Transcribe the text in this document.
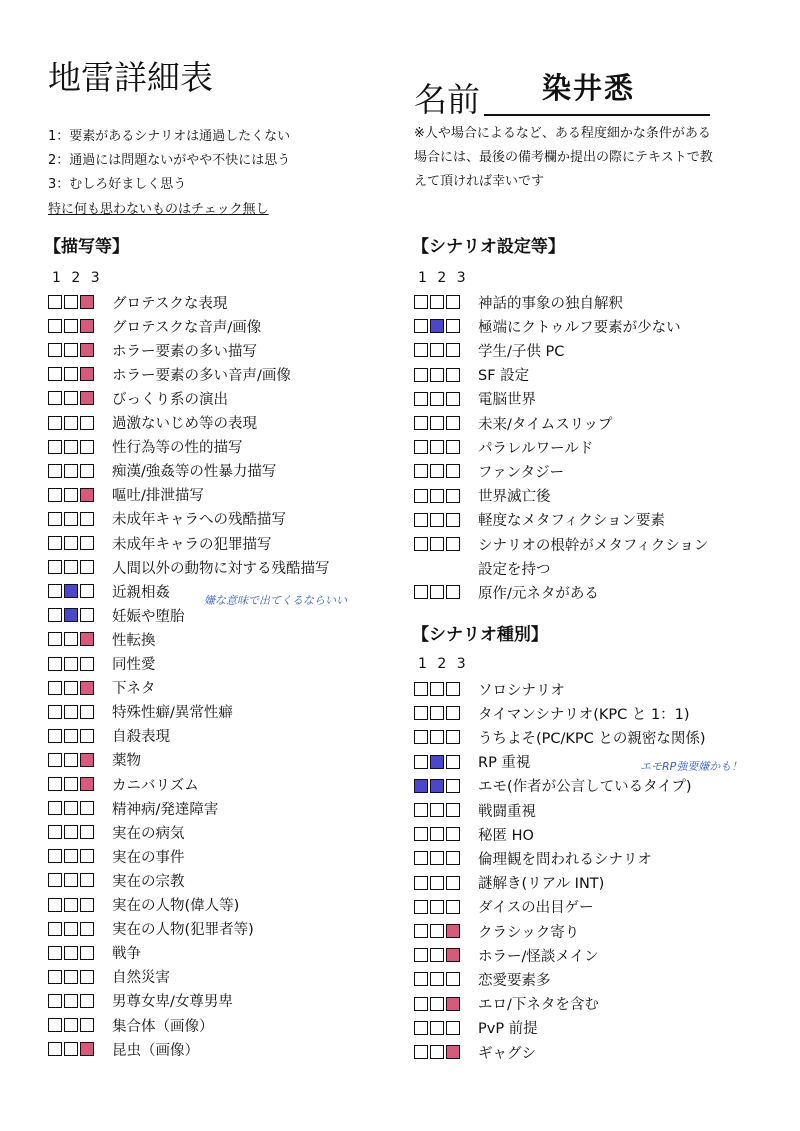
地雷詳細表
名前 染井悉
1：要素があるシナリオは通過したくない
2：通過には問題ないがやや不快には思う
3：むしろ好ましく思う
特に何も思わないものはチェック無し
※人や場合によるなど、ある程度細かな条件がある
場合には、最後の備考欄か提出の際にテキストで教
えて頂ければ幸いです
【描写等】
1 2 3
【シナリオ設定等】
1 2 3
【シナリオ種別】
1 2 3
設定を持つ
嫌な意味で出てくるならいい
エモRP強要嫌かも！
グロテスクな表現
グロテスクな音声/画像
ホラー要素の多い描写
ホラー要素の多い音声/画像
びっくり系の演出
過激ないじめ等の表現
性行為等の性的描写
痴漢/強姦等の性暴力描写
嘔吐/排泄描写
未成年キャラへの残酷描写
未成年キャラの犯罪描写
人間以外の動物に対する残酷描写
近親相姦
妊娠や堕胎
性転換
同性愛
下ネタ
特殊性癖/異常性癖
自殺表現
薬物
カニバリズム
精神病/発達障害
実在の病気
実在の事件
実在の宗教
実在の人物(偉人等)
実在の人物(犯罪者等)
戦争
自然災害
男尊女卑/女尊男卑
集合体（画像）
昆虫（画像）
神話的事象の独自解釈
極端にクトゥルフ要素が少ない
学生/子供 PC
SF 設定
電脳世界
未来/タイムスリップ
パラレルワールド
ファンタジー
世界滅亡後
軽度なメタフィクション要素
シナリオの根幹がメタフィクション
原作/元ネタがある
ソロシナリオ
タイマンシナリオ(KPC と 1：1)
うちよそ(PC/KPC との親密な関係)
RP 重視
エモ(作者が公言しているタイプ)
戦闘重視
秘匿 HO
倫理観を問われるシナリオ
謎解き(リアル INT)
ダイスの出目ゲー
クラシック寄り
ホラー/怪談メイン
恋愛要素多
エロ/下ネタを含む
PvP 前提
ギャグシ
